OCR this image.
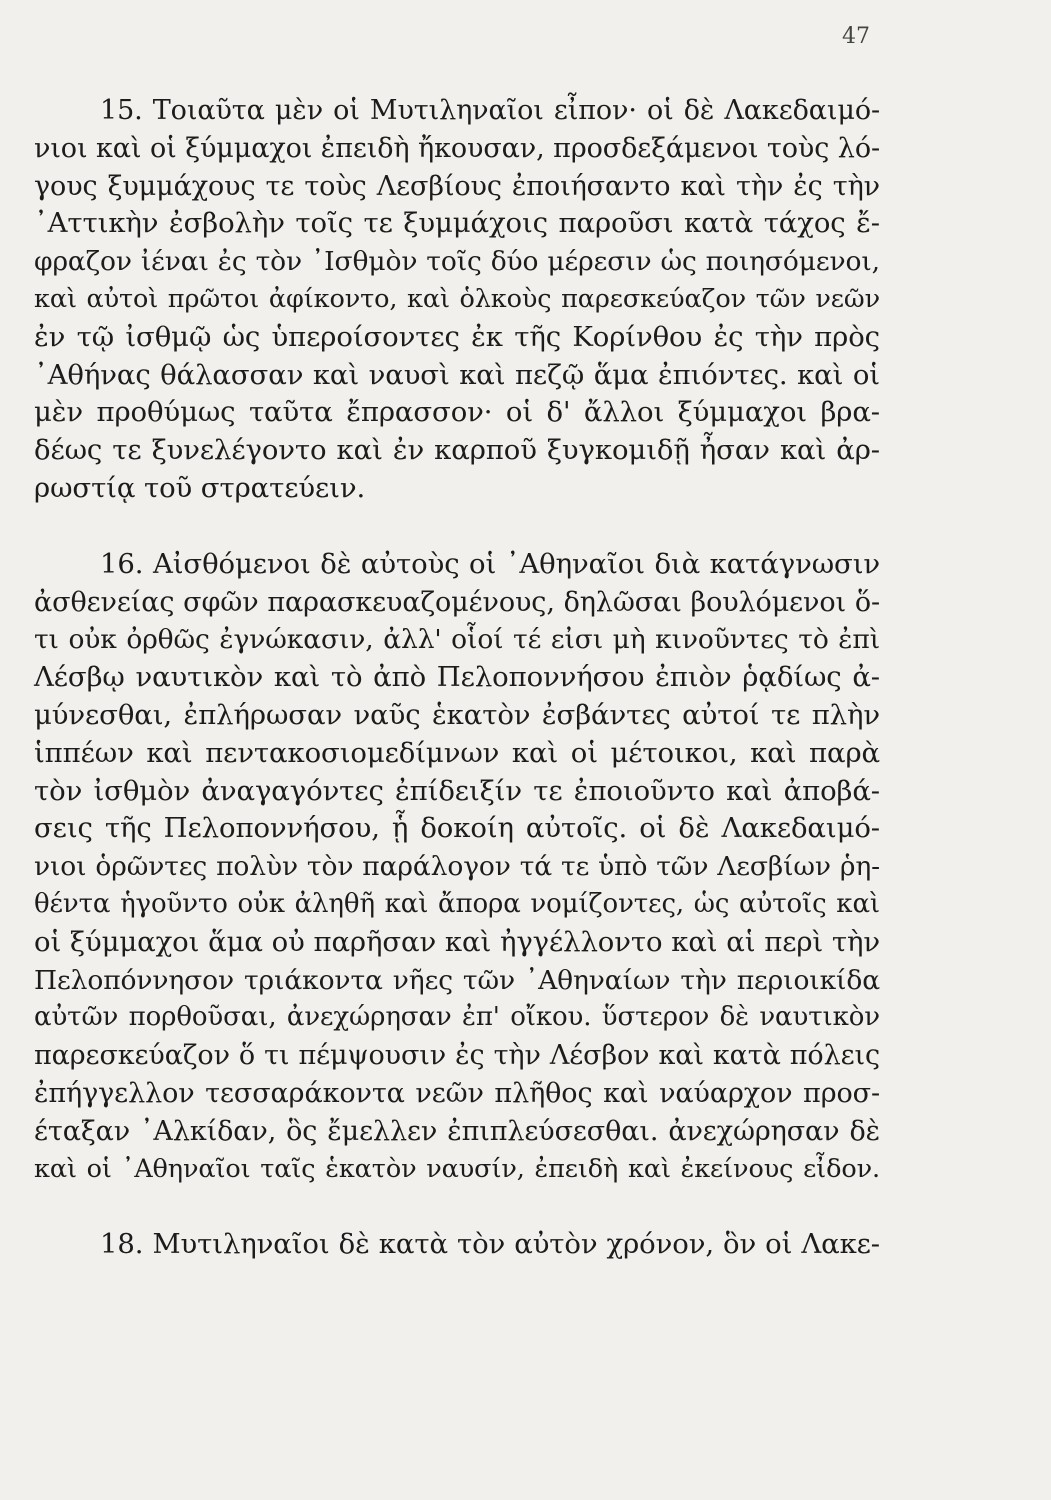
47
15. Τοιαῦτα μὲν οἱ Μυτιληναῖοι εἶπον· οἱ δὲ Λακεδαιμό-
νιοι καὶ οἱ ξύμμαχοι ἐπειδὴ ἤκουσαν, προσδεξάμενοι τοὺς λό-
γους ξυμμάχους τε τοὺς Λεσβίους ἐποιήσαντο καὶ τὴν ἐς τὴν
᾿Αττικὴν ἐσβολὴν τοῖς τε ξυμμάχοις παροῦσι κατὰ τάχος ἔ-
φραζον ἰέναι ἐς τὸν ᾿Ισθμὸν τοῖς δύο μέρεσιν ὡς ποιησόμενοι,
καὶ αὐτοὶ πρῶτοι ἀφίκοντο, καὶ ὁλκοὺς παρεσκεύαζον τῶν νεῶν
ἐν τῷ ἰσθμῷ ὡς ὑπεροίσοντες ἐκ τῆς Κορίνθου ἐς τὴν πρὸς
᾿Αθήνας θάλασσαν καὶ ναυσὶ καὶ πεζῷ ἅμα ἐπιόντες. καὶ οἱ
μὲν προθύμως ταῦτα ἔπρασσον· οἱ δ' ἄλλοι ξύμμαχοι βρα-
δέως τε ξυνελέγοντο καὶ ἐν καρποῦ ξυγκομιδῇ ἦσαν καὶ ἀρ-
ρωστίᾳ τοῦ στρατεύειν.
16. Αἰσθόμενοι δὲ αὐτοὺς οἱ ᾿Αθηναῖοι διὰ κατάγνωσιν
ἀσθενείας σφῶν παρασκευαζομένους, δηλῶσαι βουλόμενοι ὅ-
τι οὐκ ὀρθῶς ἐγνώκασιν, ἀλλ' οἷοί τέ εἰσι μὴ κινοῦντες τὸ ἐπὶ
Λέσβῳ ναυτικὸν καὶ τὸ ἀπὸ Πελοποννήσου ἐπιὸν ῥᾳδίως ἀ-
μύνεσθαι, ἐπλήρωσαν ναῦς ἑκατὸν ἐσβάντες αὐτοί τε πλὴν
ἱππέων καὶ πεντακοσιομεδίμνων καὶ οἱ μέτοικοι, καὶ παρὰ
τὸν ἰσθμὸν ἀναγαγόντες ἐπίδειξίν τε ἐποιοῦντο καὶ ἀποβά-
σεις τῆς Πελοποννήσου, ᾗ δοκοίη αὐτοῖς. οἱ δὲ Λακεδαιμό-
νιοι ὁρῶντες πολὺν τὸν παράλογον τά τε ὑπὸ τῶν Λεσβίων ῥη-
θέντα ἡγοῦντο οὐκ ἀληθῆ καὶ ἄπορα νομίζοντες, ὡς αὐτοῖς καὶ
οἱ ξύμμαχοι ἅμα οὐ παρῆσαν καὶ ἠγγέλλοντο καὶ αἱ περὶ τὴν
Πελοπόννησον τριάκοντα νῆες τῶν ᾿Αθηναίων τὴν περιοικίδα
αὐτῶν πορθοῦσαι, ἀνεχώρησαν ἐπ' οἴκου. ὕστερον δὲ ναυτικὸν
παρεσκεύαζον ὅ τι πέμψουσιν ἐς τὴν Λέσβον καὶ κατὰ πόλεις
ἐπήγγελλον τεσσαράκοντα νεῶν πλῆθος καὶ ναύαρχον προσ-
έταξαν ᾿Αλκίδαν, ὃς ἔμελλεν ἐπιπλεύσεσθαι. ἀνεχώρησαν δὲ
καὶ οἱ ᾿Αθηναῖοι ταῖς ἑκατὸν ναυσίν, ἐπειδὴ καὶ ἐκείνους εἶδον.
18. Μυτιληναῖοι δὲ κατὰ τὸν αὐτὸν χρόνον, ὃν οἱ Λακε-
